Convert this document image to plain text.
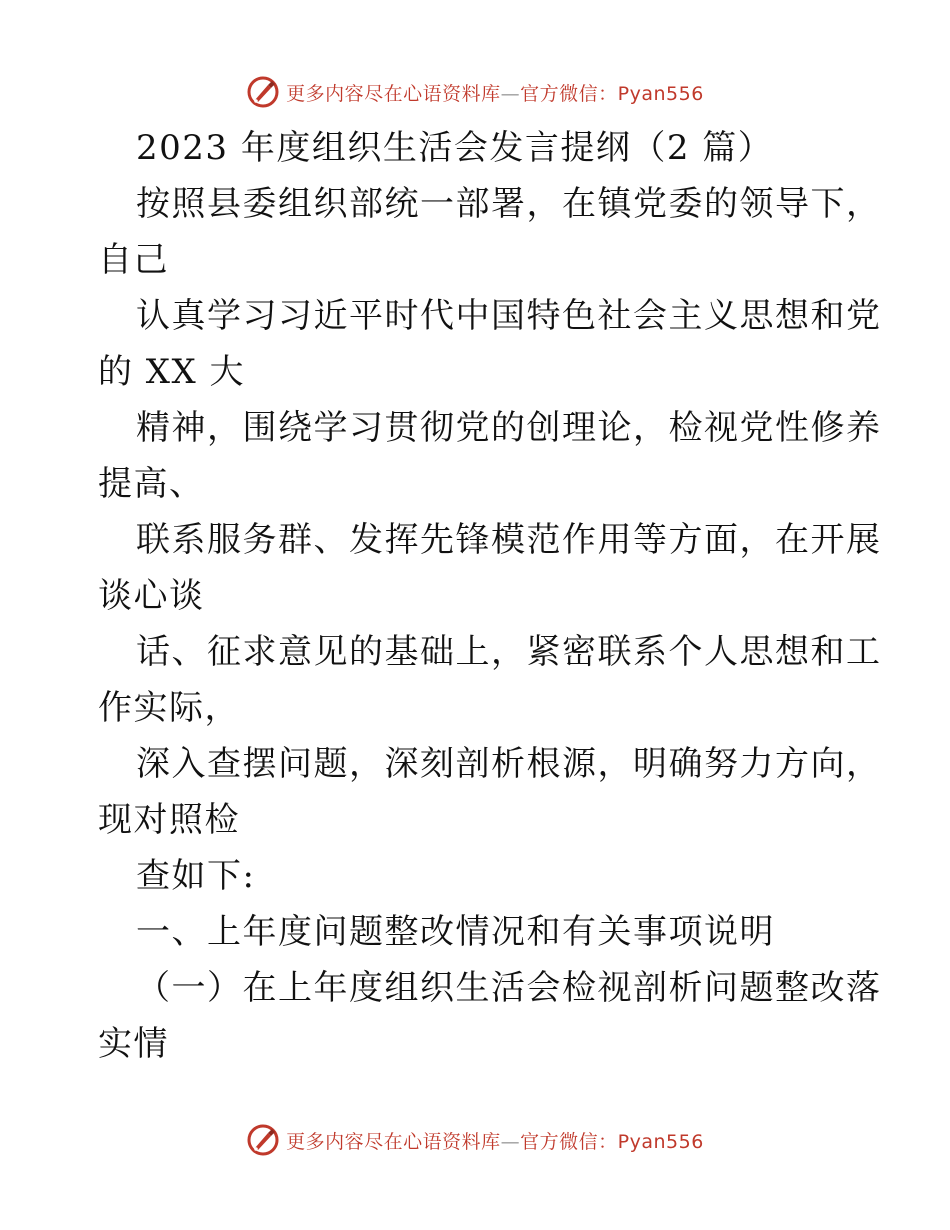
更多内容尽在心语资料库—官方微信：Pyan556
2023 年度组织生活会发言提纲（2 篇）
按照县委组织部统一部署，在镇党委的领导下，
自己
认真学习习近平时代中国特色社会主义思想和党
的 XX 大
精神，围绕学习贯彻党的创理论，检视党性修养
提高、
联系服务群、发挥先锋模范作用等方面，在开展
谈心谈
话、征求意见的基础上，紧密联系个人思想和工
作实际，
深入查摆问题，深刻剖析根源，明确努力方向，
现对照检
查如下:
一、上年度问题整改情况和有关事项说明
（一）在上年度组织生活会检视剖析问题整改落
实情
更多内容尽在心语资料库—官方微信：Pyan556
